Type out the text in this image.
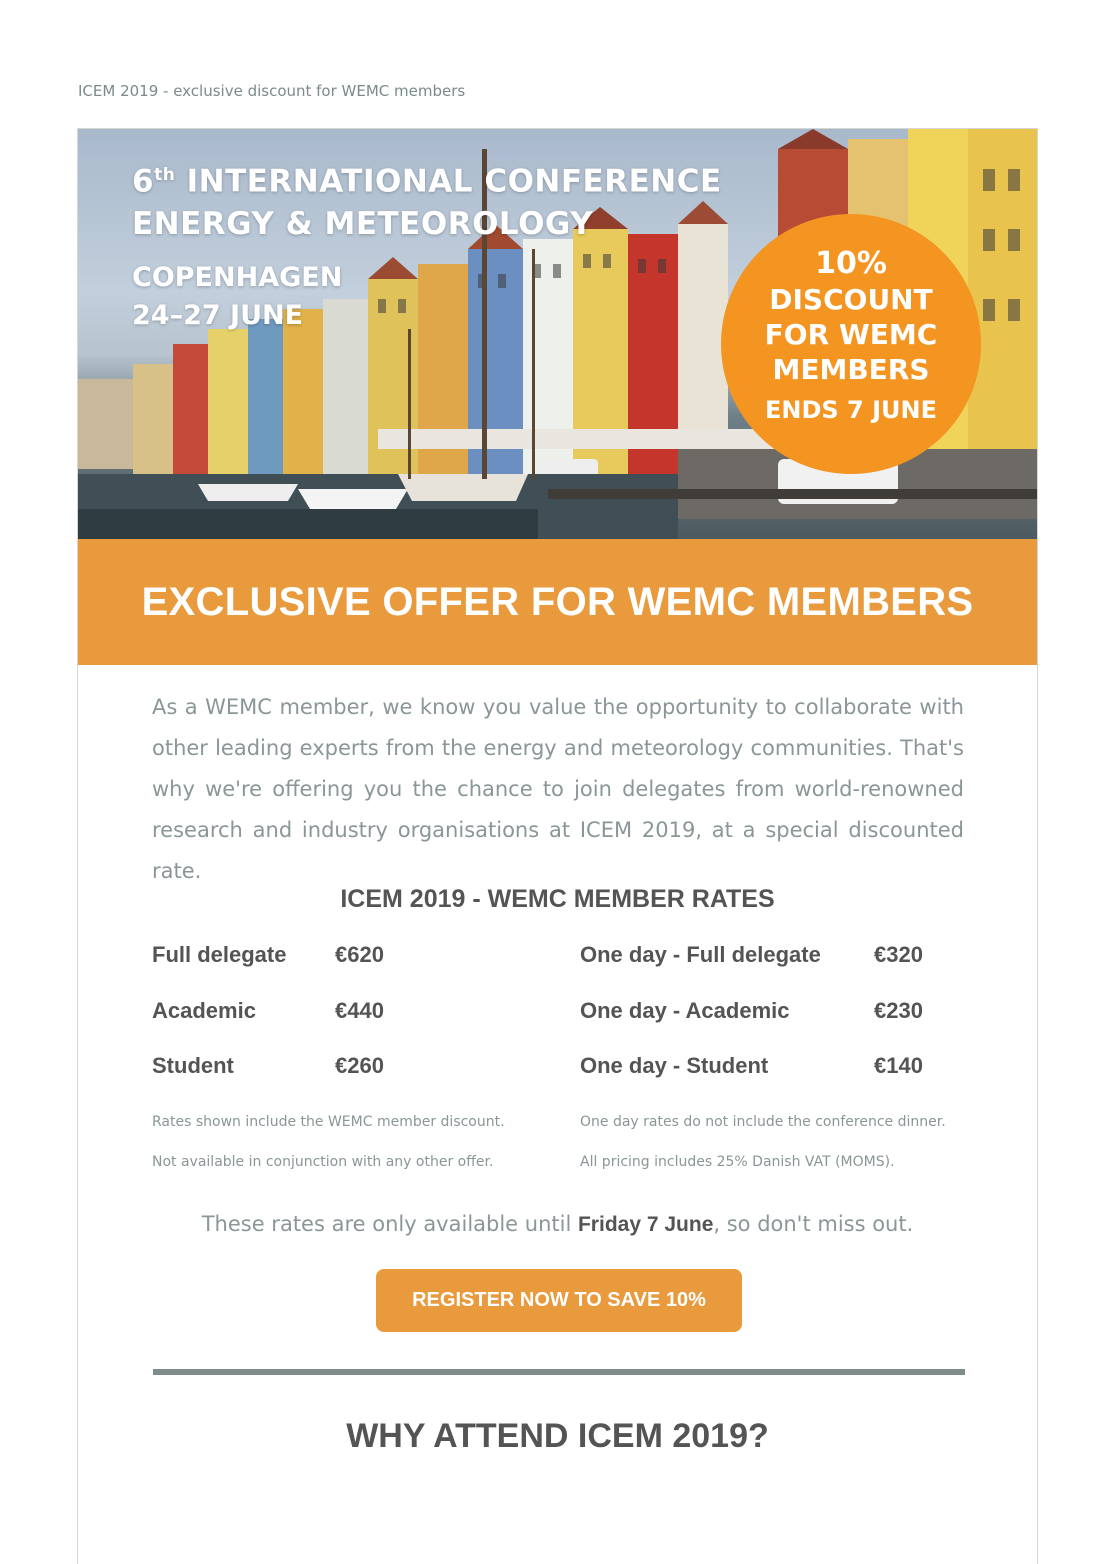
ICEM 2019 - exclusive discount for WEMC members
6th INTERNATIONAL CONFERENCE
ENERGY & METEOROLOGY
COPENHAGEN
24–27 JUNE
10%
DISCOUNT
FOR WEMC
MEMBERS
ENDS 7 JUNE
EXCLUSIVE OFFER FOR WEMC MEMBERS
As a WEMC member, we know you value the opportunity to collaborate with other leading experts from the energy and meteorology communities. That's why we're offering you the chance to join delegates from world-renowned research and industry organisations at ICEM 2019, at a special discounted rate.
ICEM 2019 - WEMC MEMBER RATES
Full delegate €620
Academic	€440
Student	€260
One day - Full delegate €320
One day - Academic	€230
One day - Student	€140
Rates shown include the WEMC member discount.
Not available in conjunction with any other offer.
One day rates do not include the conference dinner.
All pricing includes 25% Danish VAT (MOMS).
These rates are only available until Friday 7 June, so don't miss out.
REGISTER NOW TO SAVE 10%
WHY ATTEND ICEM 2019?
